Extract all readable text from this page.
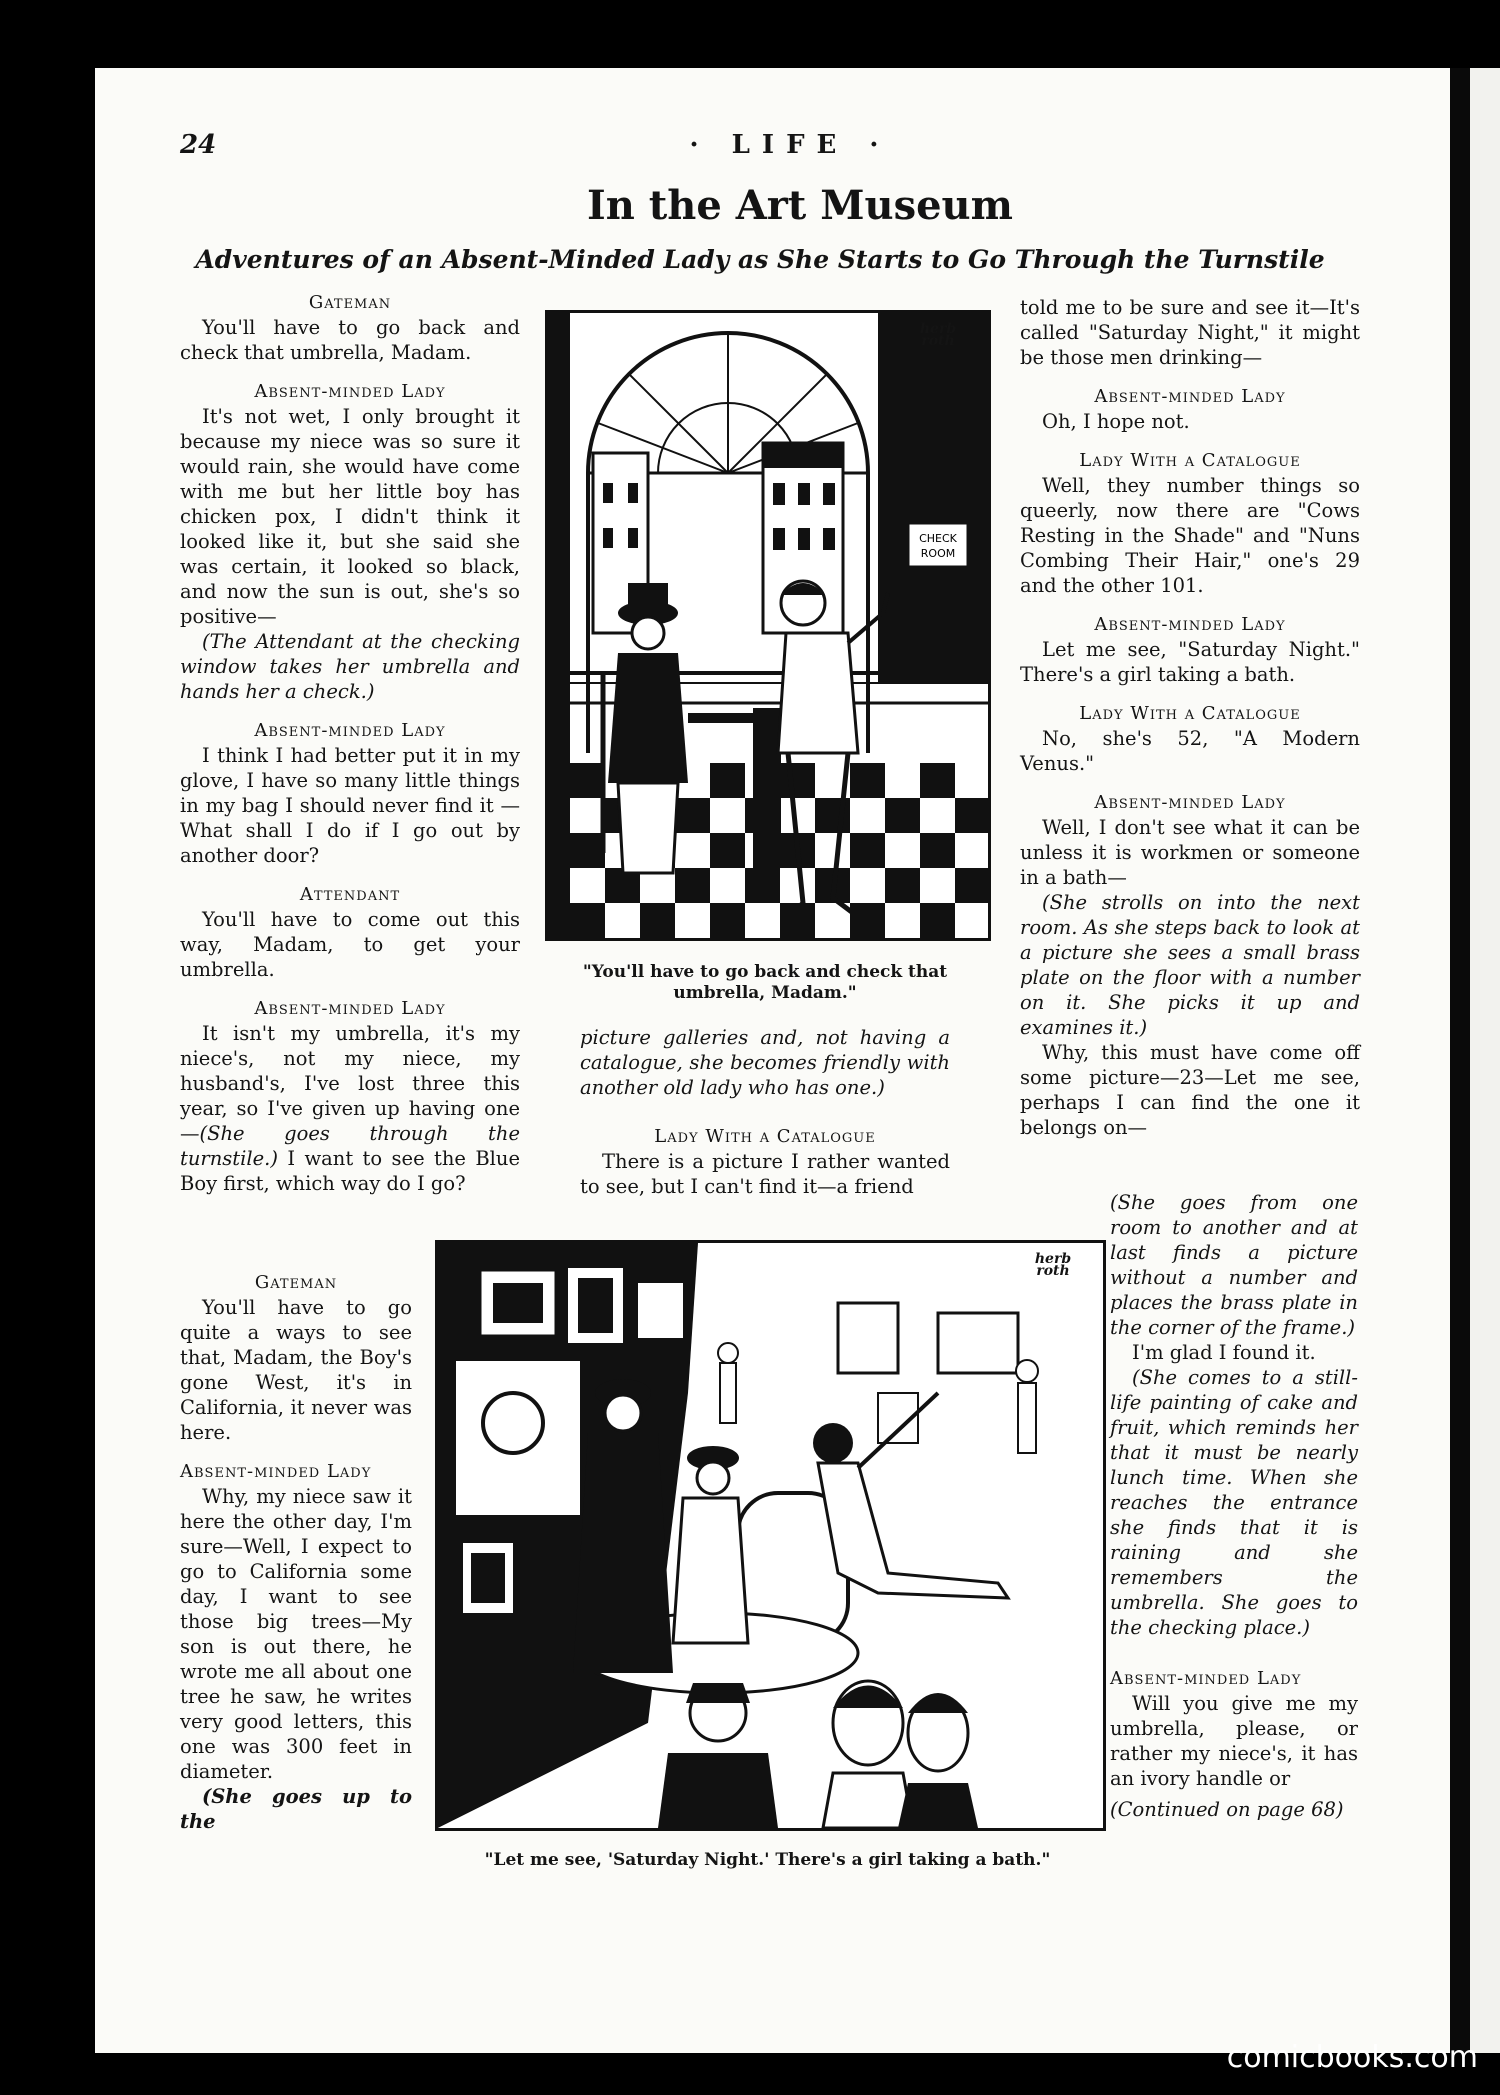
24	· LIFE ·
In the Art Museum
Adventures of an Absent-Minded Lady as She Starts to Go Through the Turnstile

Gateman

You'll have to go back and check that umbrella, Madam.

Absent-minded Lady

It's not wet, I only brought it because my niece was so sure it would rain, she would have come with me but her little boy has chicken pox, I didn't think it looked like it, but she said she was certain, it looked so black, and now the sun is out, she's so positive—

(The Attendant at the checking window takes her umbrella and hands her a check.)

Absent-minded Lady

I think I had better put it in my glove, I have so many little things in my bag I should never find it —What shall I do if I go out by another door?

Attendant

You'll have to come out this way, Madam, to get your umbrella.

Absent-minded Lady

It isn't my umbrella, it's my niece's, not my niece, my husband's, I've lost three this year, so I've given up having one—(She goes through the turnstile.) I want to see the Blue Boy first, which way do I go?

Gateman

You'll have to go quite a ways to see that, Madam, the Boy's gone West, it's in California, it never was here.

Absent-minded Lady

Why, my niece saw it here the other day, I'm sure—Well, I expect to go to California some day, I want to see those big trees—My son is out there, he wrote me all about one tree he saw, he writes very good letters, this one was 300 feet in diameter.

(She goes up to the

CHECK
ROOM
herb roth
"You'll have to go back and check that umbrella, Madam."

picture galleries and, not having a catalogue, she becomes friendly with another old lady who has one.)

Lady With a Catalogue

There is a picture I rather wanted to see, but I can't find it—a friend

told me to be sure and see it—It's called "Saturday Night," it might be those men drinking—

Absent-minded Lady

Oh, I hope not.

Lady With a Catalogue

Well, they number things so queerly, now there are "Cows Resting in the Shade" and "Nuns Combing Their Hair," one's 29 and the other 101.

Absent-minded Lady

Let me see, "Saturday Night." There's a girl taking a bath.

Lady With a Catalogue

No, she's 52, "A Modern Venus."

Absent-minded Lady

Well, I don't see what it can be unless it is workmen or someone in a bath—

(She strolls on into the next room. As she steps back to look at a picture she sees a small brass plate on the floor with a number on it. She picks it up and examines it.)

Why, this must have come off some picture—23—Let me see, perhaps I can find the one it belongs on—

(She goes from one room to another and at last finds a picture without a number and places the brass plate in the corner of the frame.)

I'm glad I found it.

(She comes to a still-life painting of cake and fruit, which reminds her that it must be nearly lunch time. When she reaches the entrance she finds that it is raining and she remembers the umbrella. She goes to the checking place.)

Absent-minded Lady

Will you give me my umbrella, please, or rather my niece's, it has an ivory handle or

(Continued on page 68)

herb roth
"Let me see, 'Saturday Night.' There's a girl taking a bath."
comicbooks.com
